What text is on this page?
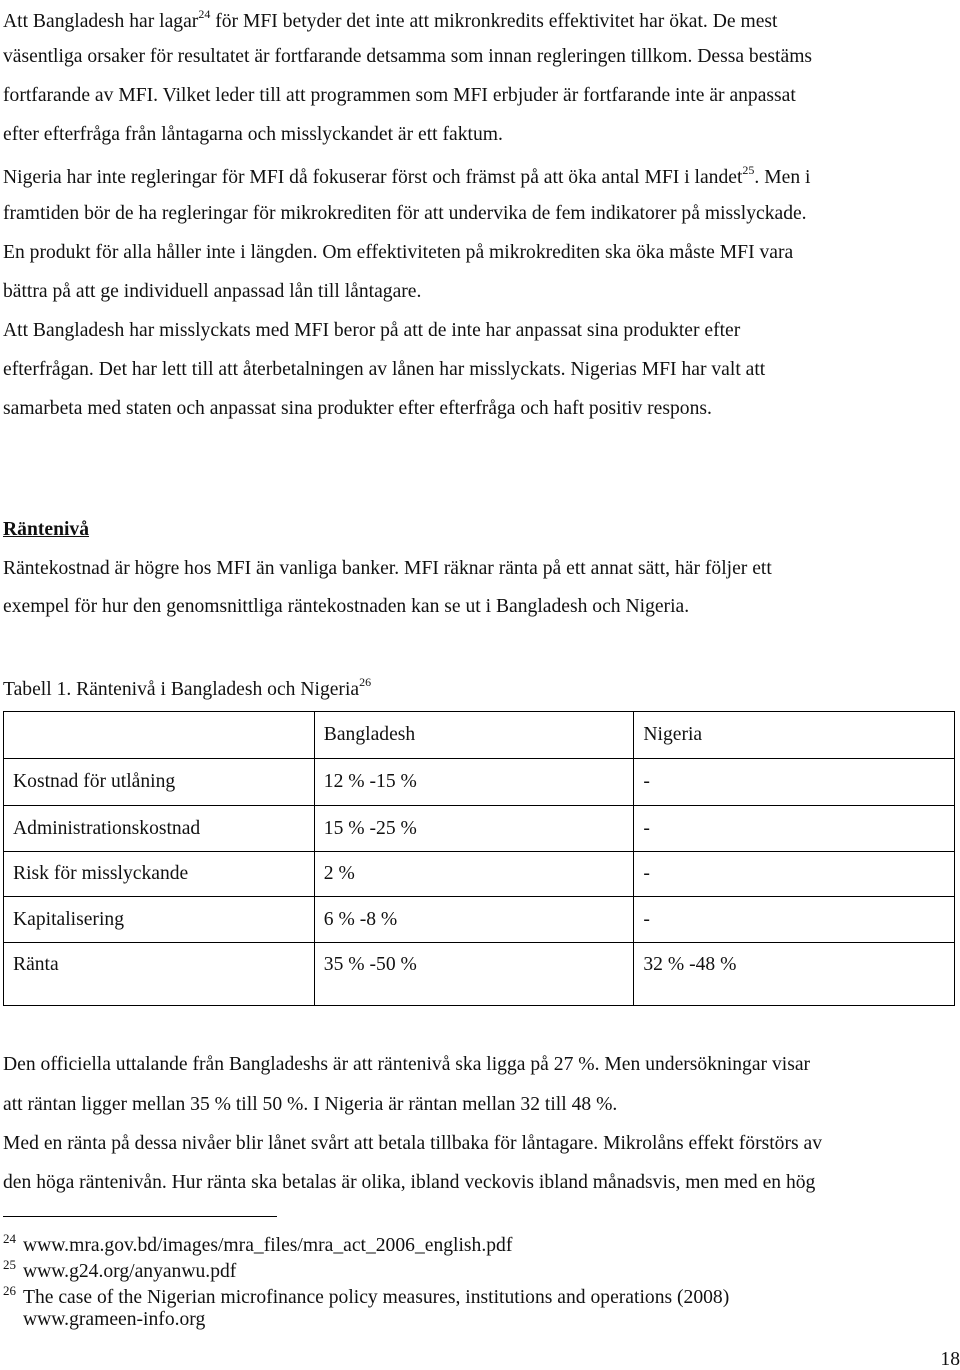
Att Bangladesh har lagar$^{24}$ för MFI betyder det inte att mikronkredits effektivitet har ökat. De mest
väsentliga orsaker för resultatet är fortfarande detsamma som innan regleringen tillkom. Dessa bestäms
fortfarande av MFI. Vilket leder till att programmen som MFI erbjuder är fortfarande inte är anpassat
efter efterfråga från låntagarna och misslyckandet är ett faktum.
Nigeria har inte regleringar för MFI då fokuserar först och främst på att öka antal MFI i landet$^{25}$. Men i
framtiden bör de ha regleringar för mikrokrediten för att undervika de fem indikatorer på misslyckade.
En produkt för alla håller inte i längden. Om effektiviteten på mikrokrediten ska öka måste MFI vara
bättra på att ge individuell anpassad lån till låntagare.
Att Bangladesh har misslyckats med MFI beror på att de inte har anpassat sina produkter efter
efterfrågan. Det har lett till att återbetalningen av lånen har misslyckats. Nigerias MFI har valt att
samarbeta med staten och anpassat sina produkter efter efterfråga och haft positiv respons.
Räntenivå
Räntekostnad är högre hos MFI än vanliga banker. MFI räknar ränta på ett annat sätt, här följer ett
exempel för hur den genomsnittliga räntekostnaden kan se ut i Bangladesh och Nigeria.
Tabell 1. Räntenivå i Bangladesh och Nigeria$^{26}$
	Bangladesh	Nigeria
Kostnad för utlåning	12 % -15 %	-
Administrationskostnad	15 % -25 %	-
Risk för misslyckande	2 %	-
Kapitalisering	6 % -8 %	-
Ränta	35 % -50 %	32 % -48 %
Den officiella uttalande från Bangladeshs är att räntenivå ska ligga på 27 %. Men undersökningar visar
att räntan ligger mellan 35 % till 50 %. I Nigeria är räntan mellan 32 till 48 %.
Med en ränta på dessa nivåer blir lånet svårt att betala tillbaka för låntagare. Mikrolåns effekt förstörs av
den höga räntenivån. Hur ränta ska betalas är olika, ibland veckovis ibland månadsvis, men med en hög
24 www.mra.gov.bd/images/mra_files/mra_act_2006_english.pdf
25 www.g24.org/anyanwu.pdf
26 The case of the Nigerian microfinance policy measures, institutions and operations (2008)
www.grameen-info.org
18
